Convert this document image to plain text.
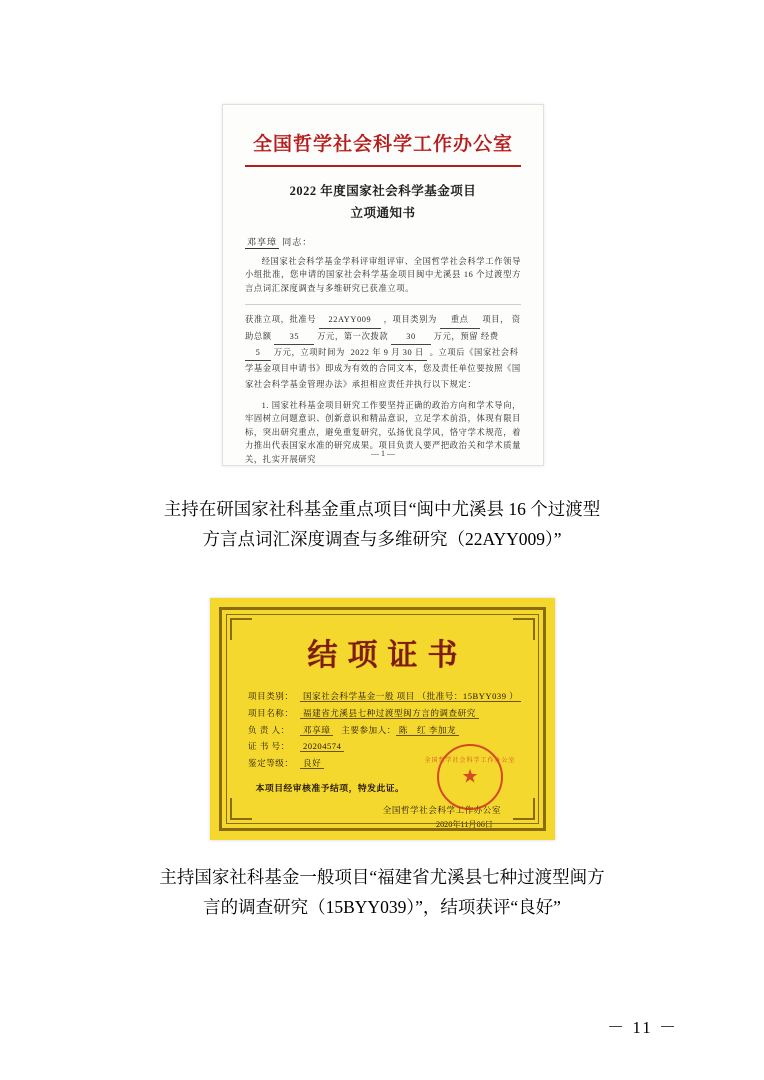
全国哲学社会科学工作办公室
2022 年度国家社会科学基金项目
立项通知书
邓享璋 同志：
经国家社会科学基金学科评审组评审、全国哲学社会科学工作领导小组批准，您申请的国家社会科学基金项目闽中尤溪县 16 个过渡型方言点词汇深度调查与多维研究已获准立项。
获准立项，批准号 22AYY009 ，项目类别为 重点 项目， 资助总额 35 万元，第一次拨款 30 万元，预留 经费 5 万元，立项时间为 2022 年 9 月 30 日 。立项后《国家社会科学基金项目申请书》即成为有效的合同文本，您及责任单位要按照《国家社会科学基金管理办法》承担相应责任并执行以下规定：
1. 国家社科基金项目研究工作要坚持正确的政治方向和学术导向，牢固树立问题意识、创新意识和精品意识，立足学术前沿，体现有限目标，突出研究重点，避免重复研究，弘扬优良学风，恪守学术规范，着力推出代表国家水准的研究成果。项目负责人要严把政治关和学术质量关，扎实开展研究
— 1 —
主持在研国家社科基金重点项目“闽中尤溪县 16 个过渡型
方言点词汇深度调查与多维研究（22AYY009）”
结项证书
项目类别： 国家社会科学基金一般 项目 （批准号：15BYY039 ）
项目名称： 福建省尤溪县七种过渡型闽方言的调查研究
负 责 人： 邓享璋 主要参加人： 陈　红 李加龙
证 书 号： 20204574
鉴定等级： 良好
本项目经审核准予结项，特发此证。
全国哲学社会科学工作办公室
2020年11月06日
全国哲学社会科学工作办公室
★
主持国家社科基金一般项目“福建省尤溪县七种过渡型闽方
言的调查研究（15BYY039）”，结项获评“良好”
－ 11 －
